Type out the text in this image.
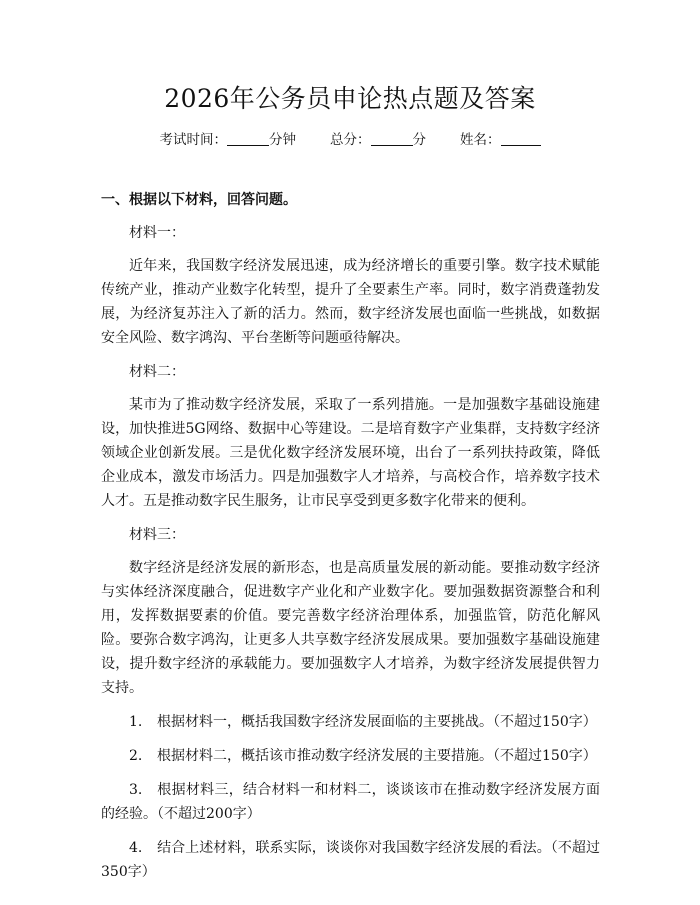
2026年公务员申论热点题及答案
考试时间：	分钟	总分：	分	姓名：
一、根据以下材料，回答问题。
材料一：
近年来，我国数字经济发展迅速，成为经济增长的重要引擎。数字技术赋能传统产业，推动产业数字化转型，提升了全要素生产率。同时，数字消费蓬勃发展，为经济复苏注入了新的活力。然而，数字经济发展也面临一些挑战，如数据安全风险、数字鸿沟、平台垄断等问题亟待解决。
材料二：
某市为了推动数字经济发展，采取了一系列措施。一是加强数字基础设施建设，加快推进5G网络、数据中心等建设。二是培育数字产业集群，支持数字经济领域企业创新发展。三是优化数字经济发展环境，出台了一系列扶持政策，降低企业成本，激发市场活力。四是加强数字人才培养，与高校合作，培养数字技术人才。五是推动数字民生服务，让市民享受到更多数字化带来的便利。
材料三：
数字经济是经济发展的新形态，也是高质量发展的新动能。要推动数字经济与实体经济深度融合，促进数字产业化和产业数字化。要加强数据资源整合和利用，发挥数据要素的价值。要完善数字经济治理体系，加强监管，防范化解风险。要弥合数字鸿沟，让更多人共享数字经济发展成果。要加强数字基础设施建设，提升数字经济的承载能力。要加强数字人才培养，为数字经济发展提供智力支持。
1. 根据材料一，概括我国数字经济发展面临的主要挑战。（不超过150字）
2. 根据材料二，概括该市推动数字经济发展的主要措施。（不超过150字）
3. 根据材料三，结合材料一和材料二，谈谈该市在推动数字经济发展方面的经验。（不超过200字）
4. 结合上述材料，联系实际，谈谈你对我国数字经济发展的看法。（不超过350字）
